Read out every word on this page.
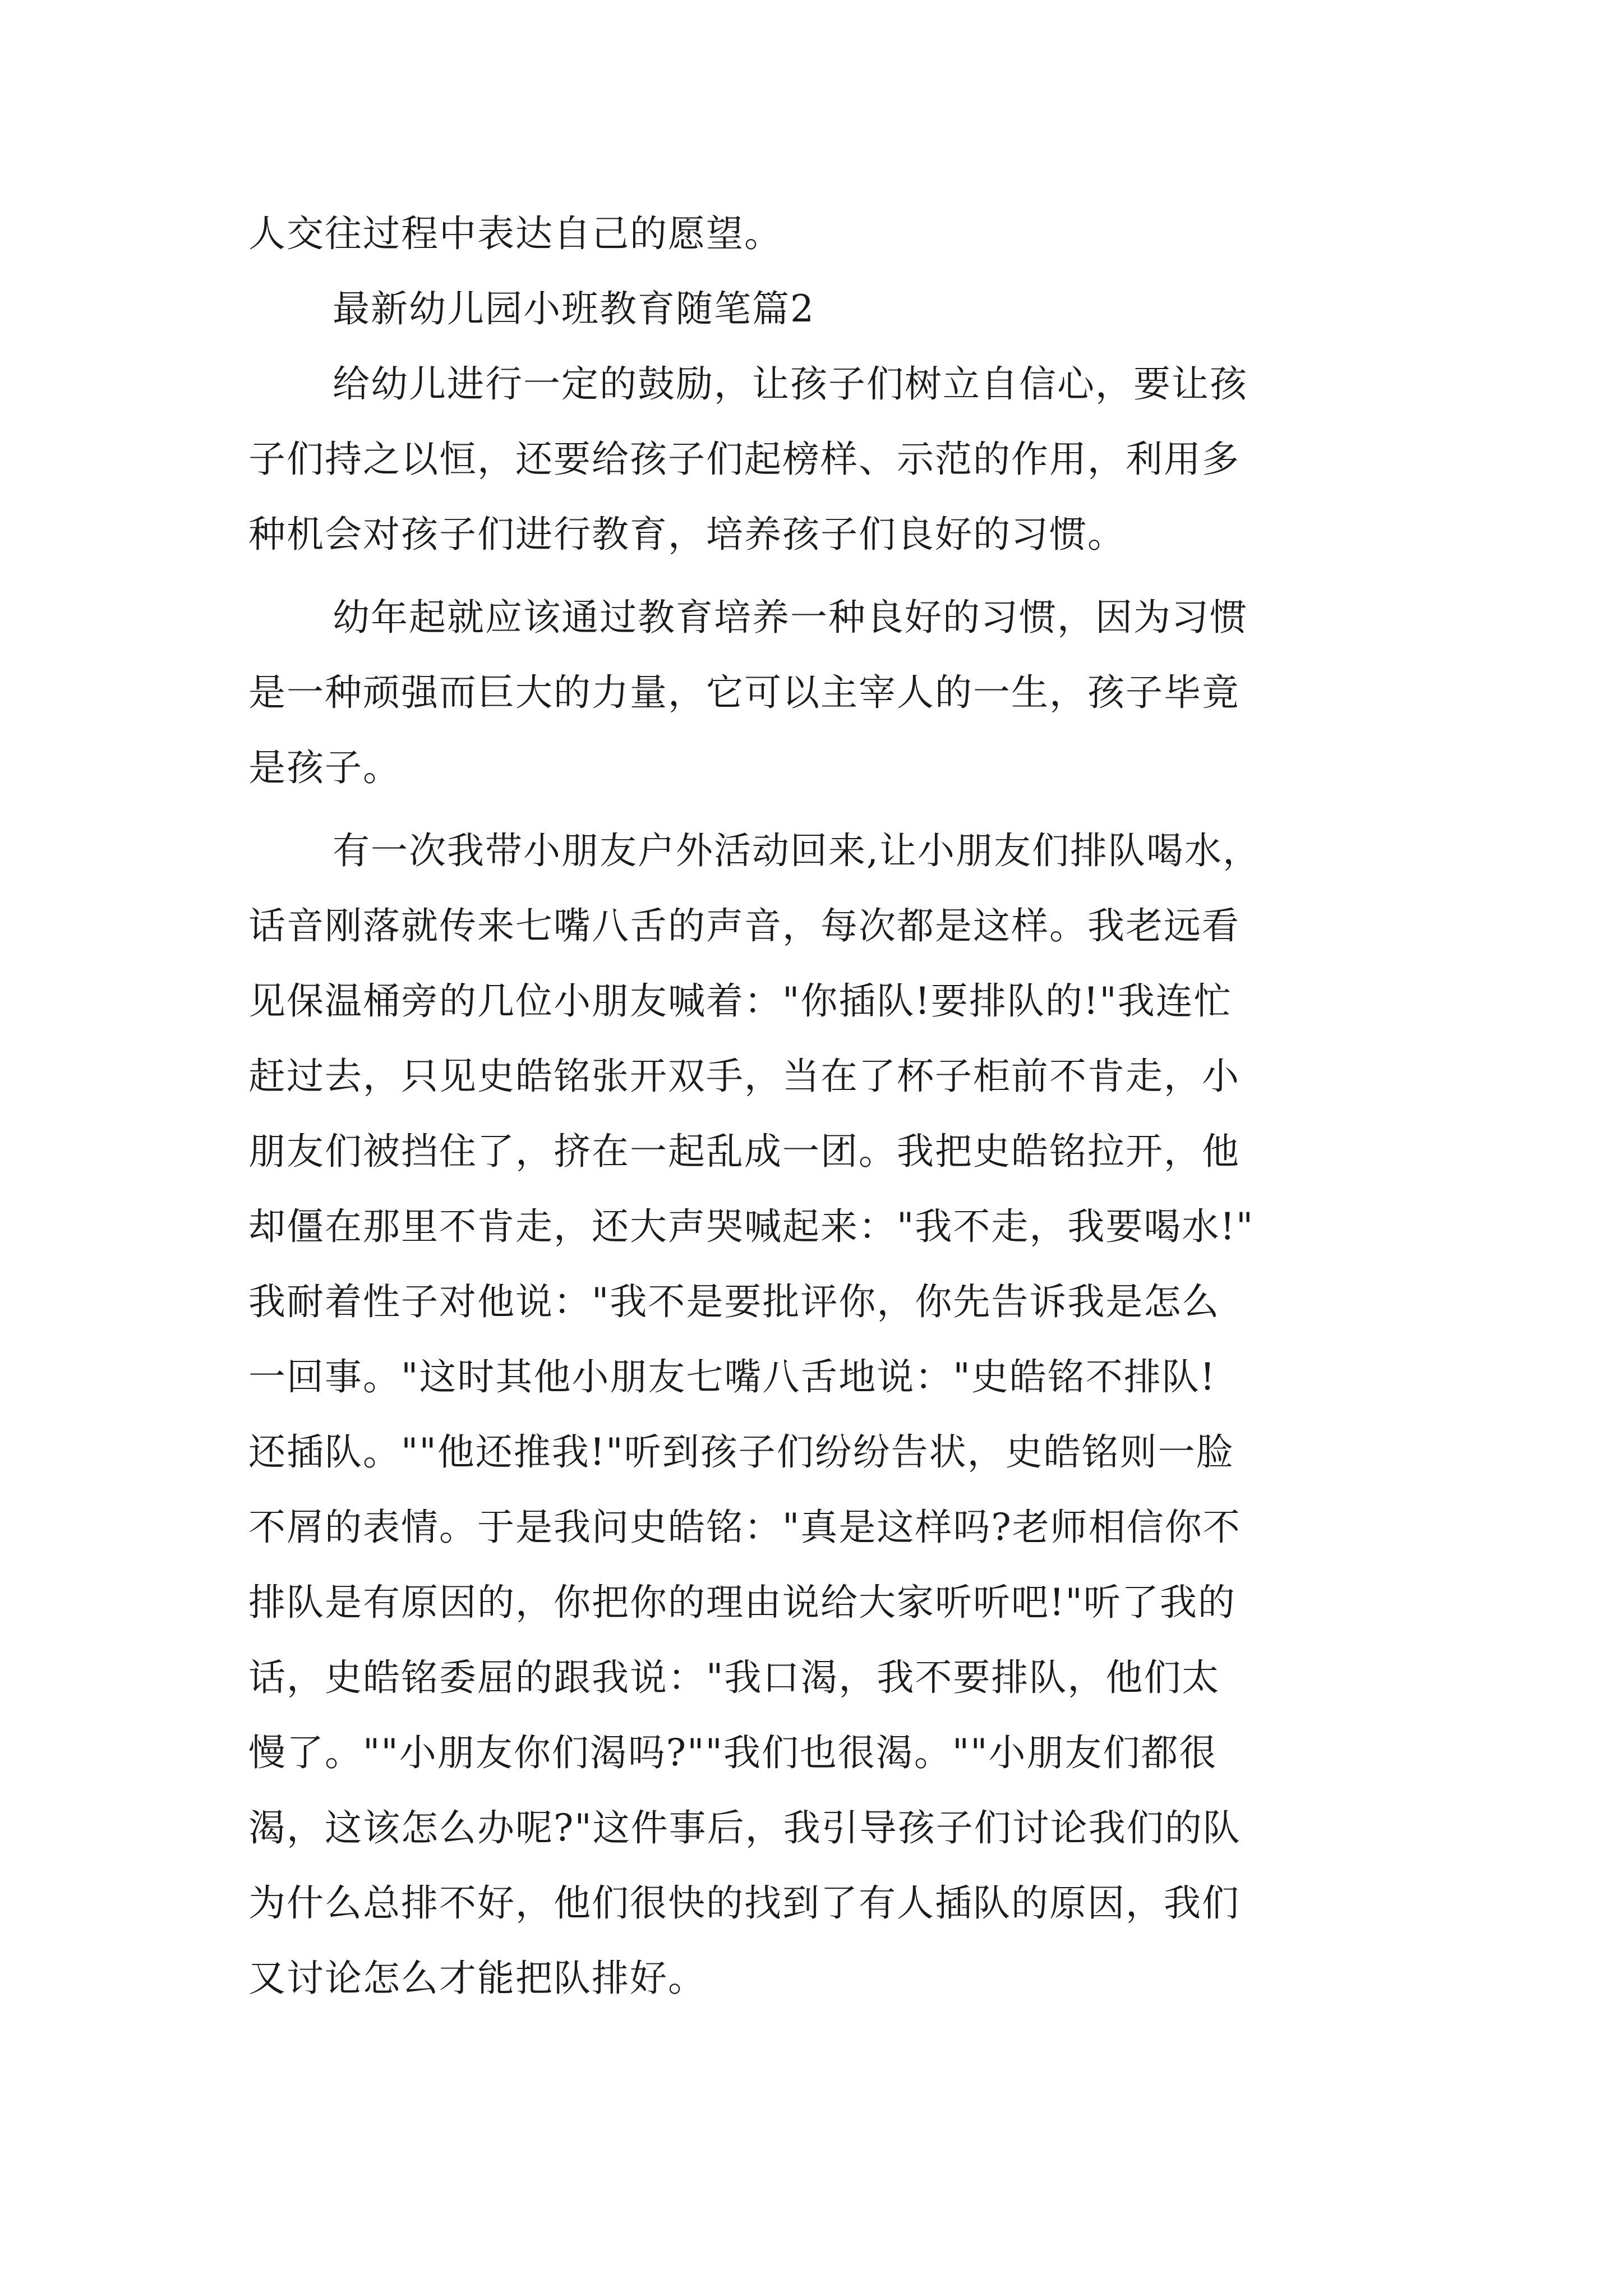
人交往过程中表达自己的愿望。
最新幼儿园小班教育随笔篇2
给幼儿进行一定的鼓励，让孩子们树立自信心，要让孩
子们持之以恒，还要给孩子们起榜样、示范的作用，利用多
种机会对孩子们进行教育，培养孩子们良好的习惯。
幼年起就应该通过教育培养一种良好的习惯，因为习惯
是一种顽强而巨大的力量，它可以主宰人的一生，孩子毕竟
是孩子。
有一次我带小朋友户外活动回来,让小朋友们排队喝水，
话音刚落就传来七嘴八舌的声音，每次都是这样。我老远看
见保温桶旁的几位小朋友喊着："你插队!要排队的!"我连忙
赶过去，只见史皓铭张开双手，当在了杯子柜前不肯走，小
朋友们被挡住了，挤在一起乱成一团。我把史皓铭拉开，他
却僵在那里不肯走，还大声哭喊起来："我不走，我要喝水!"
我耐着性子对他说："我不是要批评你，你先告诉我是怎么
一回事。"这时其他小朋友七嘴八舌地说："史皓铭不排队!
还插队。""他还推我!"听到孩子们纷纷告状，史皓铭则一脸
不屑的表情。于是我问史皓铭："真是这样吗?老师相信你不
排队是有原因的，你把你的理由说给大家听听吧!"听了我的
话，史皓铭委屈的跟我说："我口渴，我不要排队，他们太
慢了。""小朋友你们渴吗?""我们也很渴。""小朋友们都很
渴，这该怎么办呢?"这件事后，我引导孩子们讨论我们的队
为什么总排不好，他们很快的找到了有人插队的原因，我们
又讨论怎么才能把队排好。
